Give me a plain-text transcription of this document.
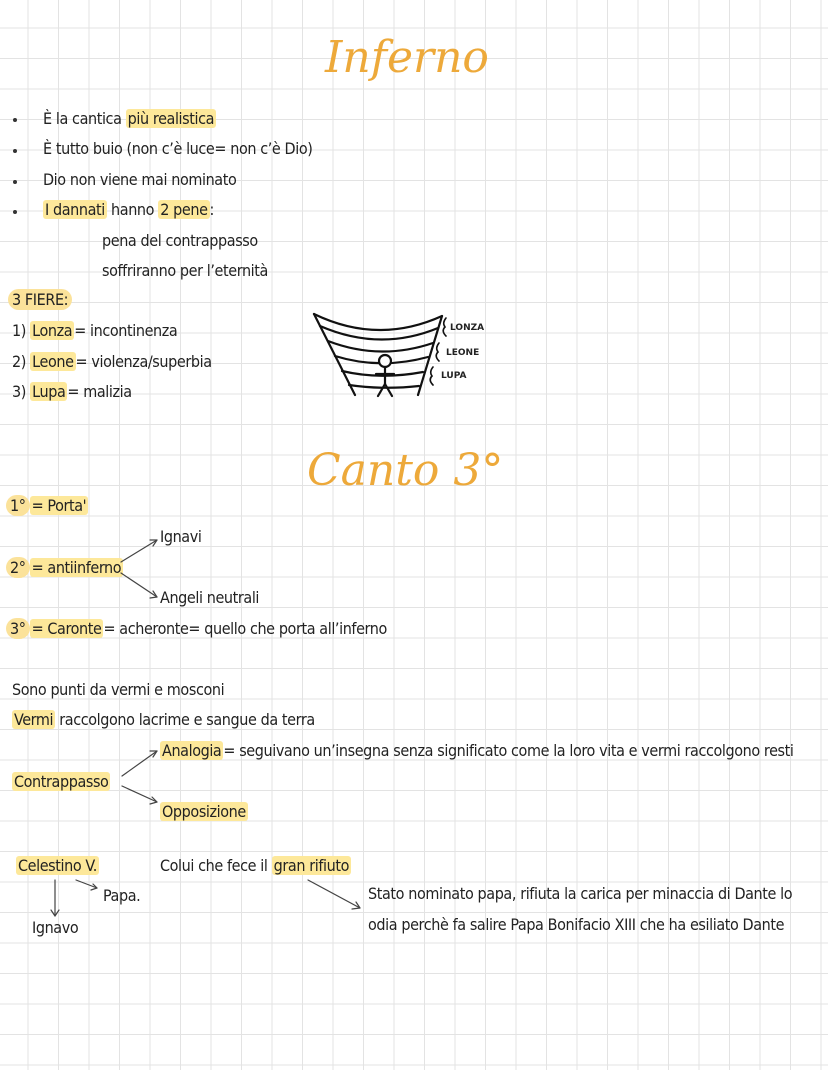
Inferno
È la cantica più realistica
È tutto buio (non c’è luce= non c’è Dio)
Dio non viene mai nominato
I dannati hanno 2 pene :
pena del contrappasso
soffriranno per l’eternità
3 FIERE:
1) Lonza = incontinenza
2) Leone = violenza/superbia
3) Lupa = malizia
LONZA
LEONE
LUPA
Canto 3°
1° = Porta'
Ignavi
2° = antiinferno
Angeli neutrali
3° = Caronte = acheronte= quello che porta all’inferno
Sono punti da vermi e mosconi
Vermi raccolgono lacrime e sangue da terra
Analogia = seguivano un’insegna senza significato come la loro vita e vermi raccolgono resti
Contrappasso
Opposizione
Celestino V.	Colui che fece il gran rifiuto
Papa.	Stato nominato papa, rifiuta la carica per minaccia di Dante lo
odia perchè fa salire Papa Bonifacio XIII che ha esiliato Dante
Ignavo
